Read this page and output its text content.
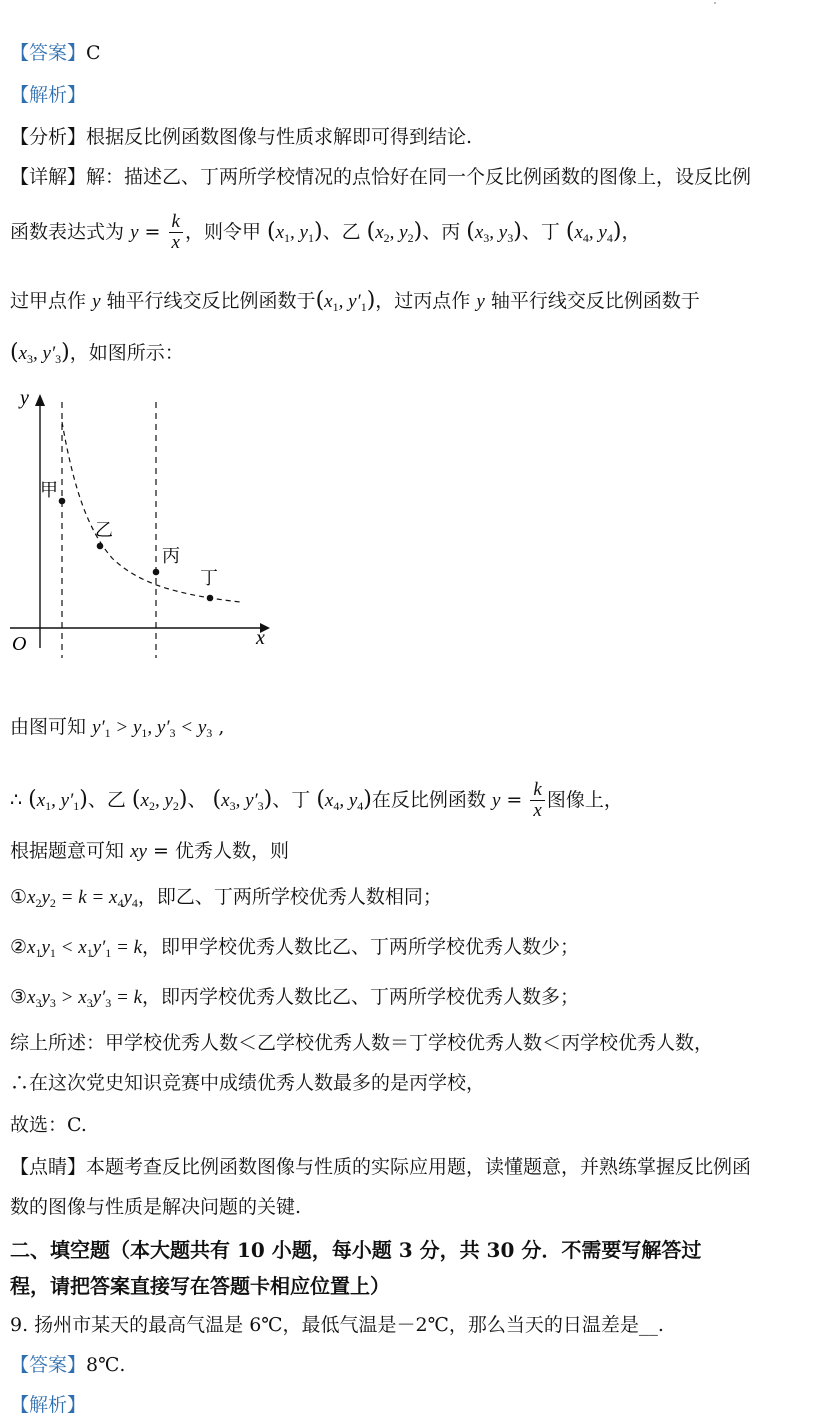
【答案】C
【解析】
【分析】根据反比例函数图像与性质求解即可得到结论.
【详解】解：描述乙、丁两所学校情况的点恰好在同一个反比例函数的图像上，设反比例
函数表达式为 $y = \frac{k}{x}$ ，则令甲 ($x_1$, $y_1$)、乙 ($x_2$, $y_2$)、丙 ($x_3$, $y_3$)、丁 ($x_4$, $y_4$)，
过甲点作 y 轴平行线交反比例函数于($x_1$, $y'_1$)，过丙点作 y 轴平行线交反比例函数于
($x_3$, $y'_3$)，如图所示：
y
x
O
甲
乙
丙
丁
由图可知 $y'_1 > y_1$, $y'_3 < y_3$ ,
∴ ($x_1$, $y'_1$)、乙 ($x_2$, $y_2$)、 ($x_3$, $y'_3$)、丁 ($x_4$, $y_4$)在反比例函数 $y = \frac{k}{x}$ 图像上，
根据题意可知 xy = 优秀人数，则
$①x_2y_2 = k = x_4y_4$，即乙、丁两所学校优秀人数相同；
$②x_1y_1 < x_1y'_1 = k$，即甲学校优秀人数比乙、丁两所学校优秀人数少；
$③x_3y_3 > x_3y'_3 = k$，即丙学校优秀人数比乙、丁两所学校优秀人数多；
综上所述：甲学校优秀人数＜乙学校优秀人数＝丁学校优秀人数＜丙学校优秀人数，
∴在这次党史知识竞赛中成绩优秀人数最多的是丙学校，
故选：C.
【点睛】本题考查反比例函数图像与性质的实际应用题，读懂题意，并熟练掌握反比例函
数的图像与性质是解决问题的关键.
二、填空题（本大题共有 10 小题，每小题 3 分，共 30 分．不需要写解答过
程，请把答案直接写在答题卡相应位置上）
9. 扬州市某天的最高气温是 6℃，最低气温是－2℃，那么当天的日温差是__.
【答案】8℃.
【解析】
